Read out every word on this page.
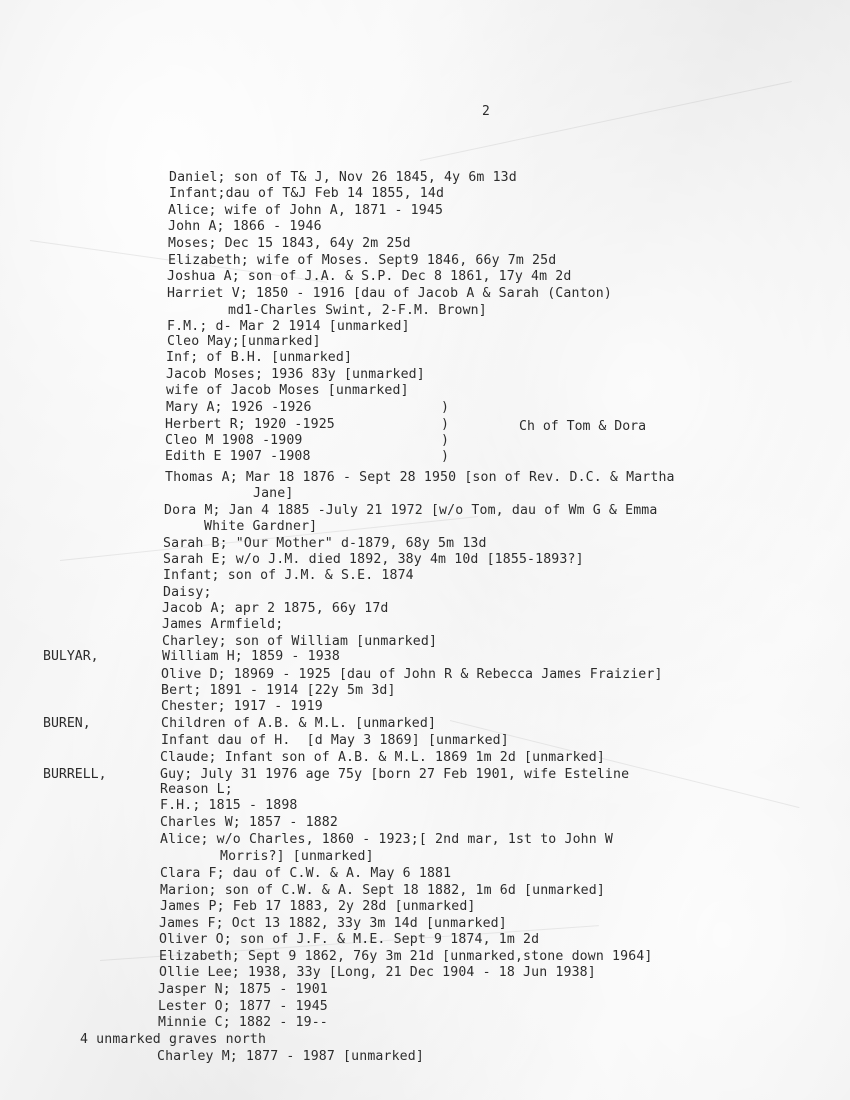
2
Daniel; son of T& J, Nov 26 1845, 4y 6m 13d
Infant;dau of T&J Feb 14 1855, 14d
Alice; wife of John A, 1871 - 1945
John A; 1866 - 1946
Moses; Dec 15 1843, 64y 2m 25d
Elizabeth; wife of Moses. Sept9 1846, 66y 7m 25d
Joshua A; son of J.A. & S.P. Dec 8 1861, 17y 4m 2d
Harriet V; 1850 - 1916 [dau of Jacob A & Sarah (Canton)
md1-Charles Swint, 2-F.M. Brown]
F.M.; d- Mar 2 1914 [unmarked]
Cleo May;[unmarked]
Inf; of B.H. [unmarked]
Jacob Moses; 1936 83y [unmarked]
wife of Jacob Moses [unmarked]
Mary A; 1926 -1926
Herbert R; 1920 -1925
Cleo M 1908 -1909
Edith E 1907 -1908
)
)
)
)
Ch of Tom & Dora
Thomas A; Mar 18 1876 - Sept 28 1950 [son of Rev. D.C. & Martha
Jane]
Dora M; Jan 4 1885 -July 21 1972 [w/o Tom, dau of Wm G & Emma
White Gardner]
Sarah B; "Our Mother" d-1879, 68y 5m 13d
Sarah E; w/o J.M. died 1892, 38y 4m 10d [1855-1893?]
Infant; son of J.M. & S.E. 1874
Daisy;
Jacob A; apr 2 1875, 66y 17d
James Armfield;
Charley; son of William [unmarked]
BULYAR,	William H; 1859 - 1938
Olive D; 18969 - 1925 [dau of John R & Rebecca James Fraizier]
Bert; 1891 - 1914 [22y 5m 3d]
Chester; 1917 - 1919
BUREN,	Children of A.B. & M.L. [unmarked]
Infant dau of H.  [d May 3 1869] [unmarked]
Claude; Infant son of A.B. & M.L. 1869 1m 2d [unmarked]
BURRELL,	Guy; July 31 1976 age 75y [born 27 Feb 1901, wife Esteline
Reason L;
F.H.; 1815 - 1898
Charles W; 1857 - 1882
Alice; w/o Charles, 1860 - 1923;[ 2nd mar, 1st to John W
Morris?] [unmarked]
Clara F; dau of C.W. & A. May 6 1881
Marion; son of C.W. & A. Sept 18 1882, 1m 6d [unmarked]
James P; Feb 17 1883, 2y 28d [unmarked]
James F; Oct 13 1882, 33y 3m 14d [unmarked]
Oliver O; son of J.F. & M.E. Sept 9 1874, 1m 2d
Elizabeth; Sept 9 1862, 76y 3m 21d [unmarked,stone down 1964]
Ollie Lee; 1938, 33y [Long, 21 Dec 1904 - 18 Jun 1938]
Jasper N; 1875 - 1901
Lester O; 1877 - 1945
Minnie C; 1882 - 19--
4 unmarked graves north
Charley M; 1877 - 1987 [unmarked]
